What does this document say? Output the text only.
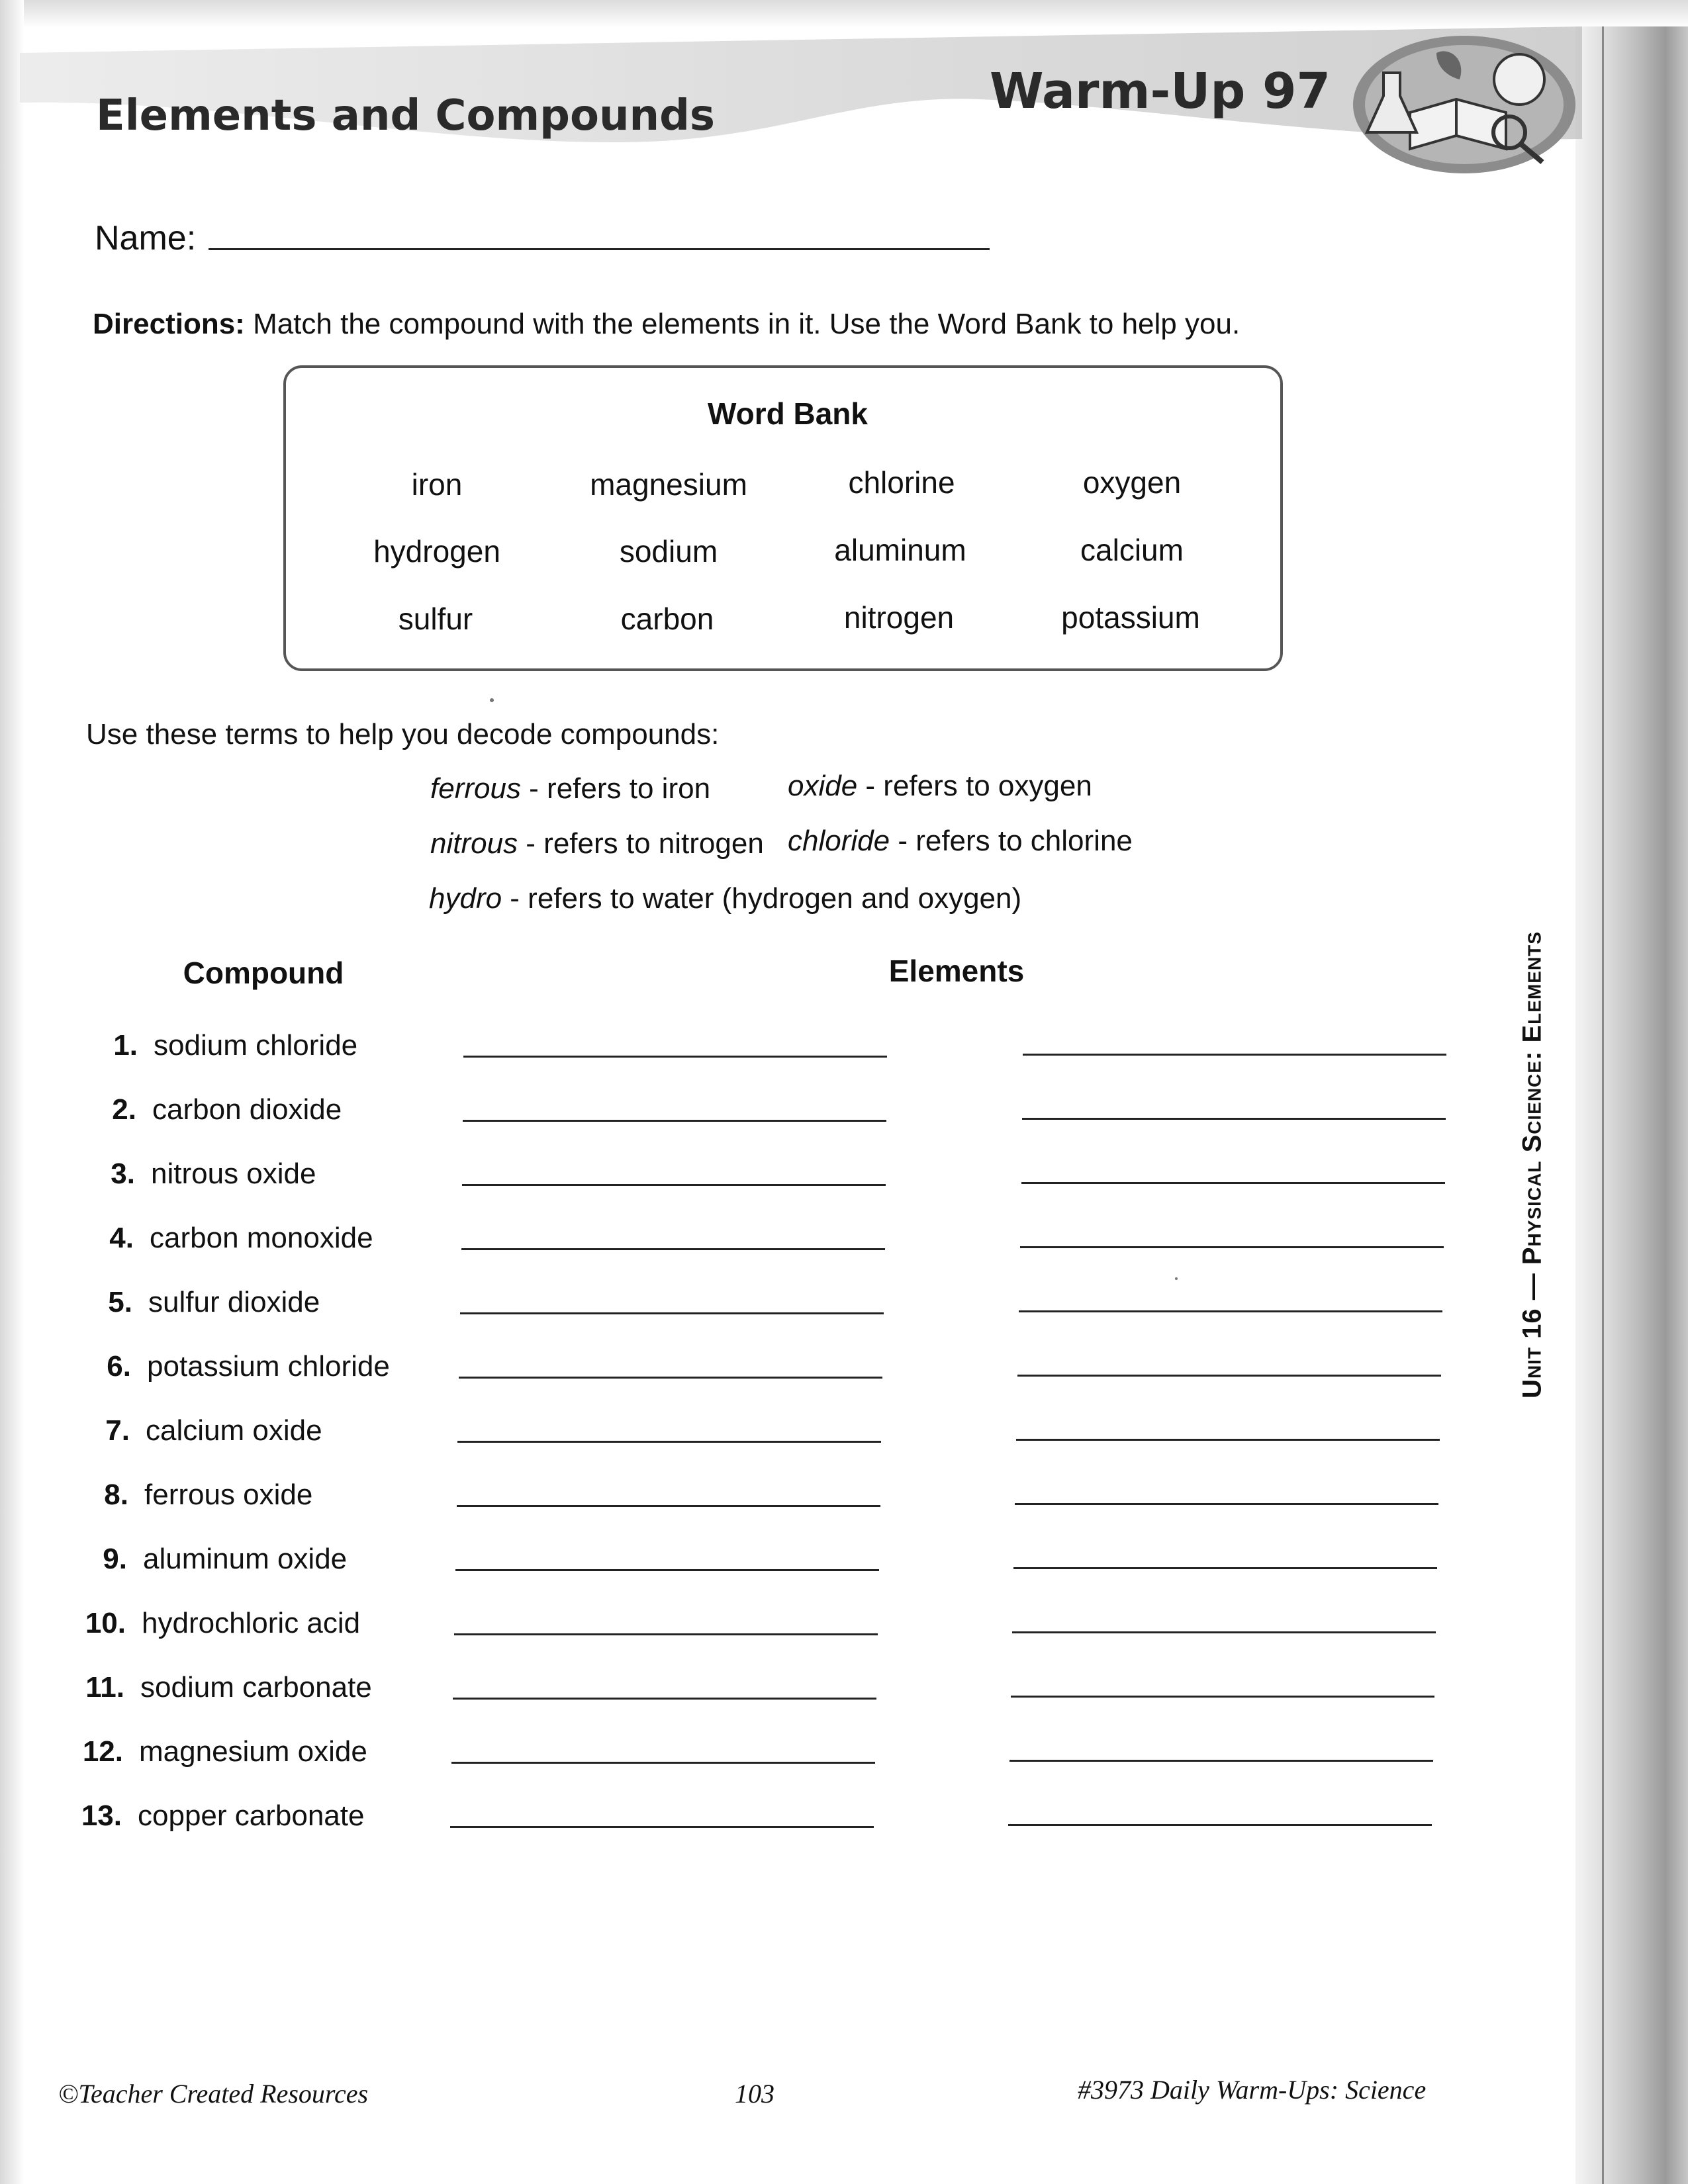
Elements and Compounds	Warm-Up 97
Name:
Directions: Match the compound with the elements in it. Use the Word Bank to help you.
Word Bank
iron	magnesium	chlorine	oxygen
hydrogen	sodium	aluminum	calcium
sulfur	carbon	nitrogen	potassium
Use these terms to help you decode compounds:
ferrous - refers to iron	oxide - refers to oxygen
nitrous - refers to nitrogen chloride - refers to chlorine
hydro - refers to water (hydrogen and oxygen)
Compound	Elements
1. sodium chloride
2. carbon dioxide
3. nitrous oxide
4. carbon monoxide
5. sulfur dioxide
6. potassium chloride
7. calcium oxide
8. ferrous oxide
9. aluminum oxide
10. hydrochloric acid
11. sodium carbonate
12. magnesium oxide
13. copper carbonate
Unit 16 — Physical Science: Elements
©Teacher Created Resources	103	#3973 Daily Warm-Ups: Science
